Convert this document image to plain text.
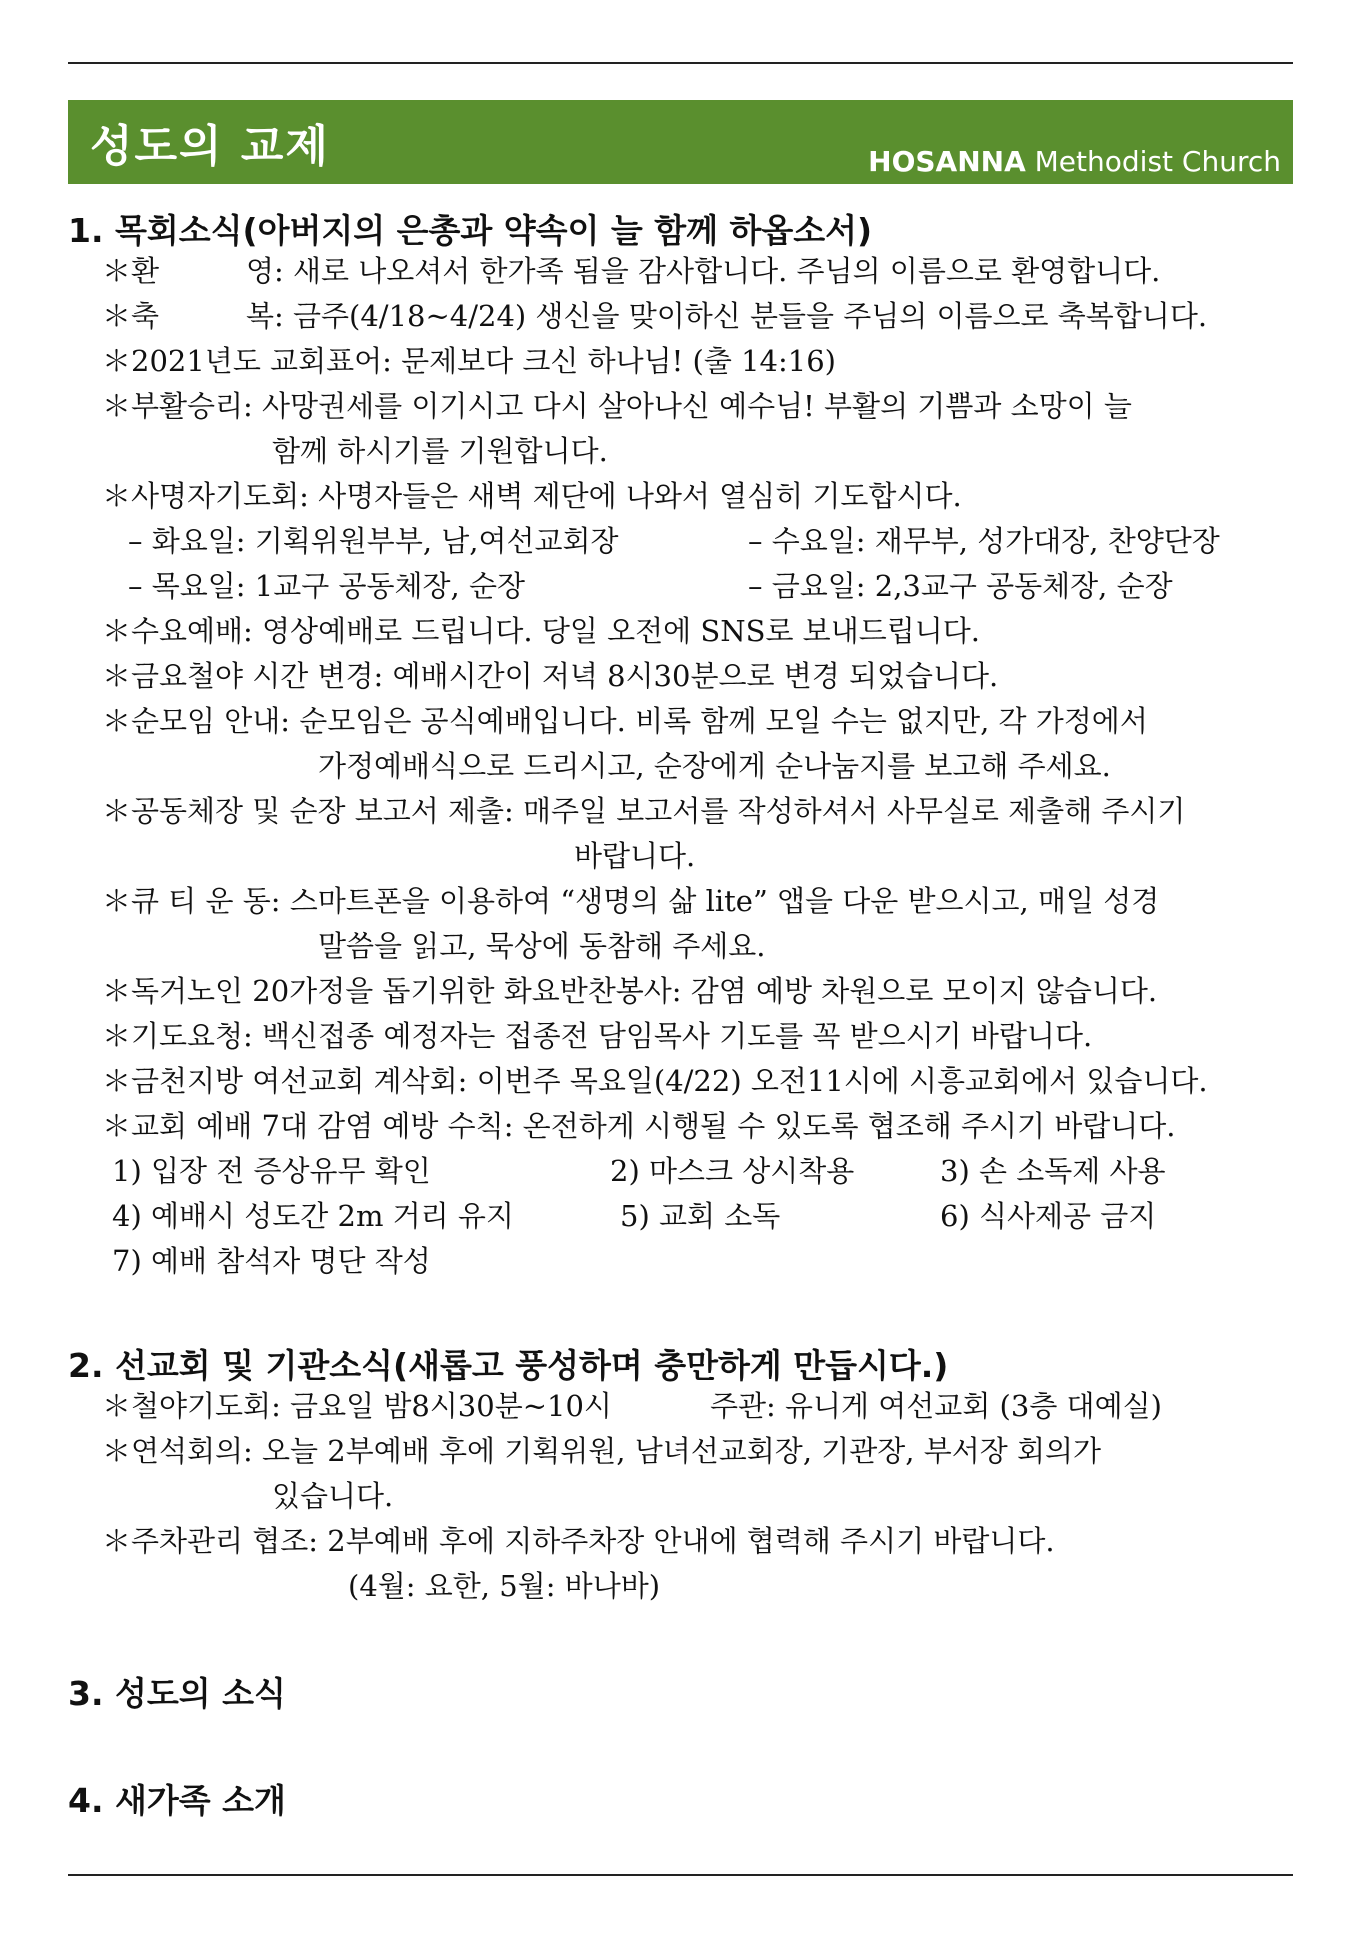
성도의 교제	HOSANNA Methodist Church
1. 목회소식(아버지의 은총과 약속이 늘 함께 하옵소서)
＊환　　　영: 새로 나오셔서 한가족 됨을 감사합니다. 주님의 이름으로 환영합니다.
＊축　　　복: 금주(4/18~4/24) 생신을 맞이하신 분들을 주님의 이름으로 축복합니다.
＊2021년도 교회표어: 문제보다 크신 하나님! (출 14:16)
＊부활승리: 사망권세를 이기시고 다시 살아나신 예수님! 부활의 기쁨과 소망이 늘
함께 하시기를 기원합니다.
＊사명자기도회: 사명자들은 새벽 제단에 나와서 열심히 기도합시다.
– 화요일: 기획위원부부, 남,여선교회장	– 수요일: 재무부, 성가대장, 찬양단장
– 목요일: 1교구 공동체장, 순장	– 금요일: 2,3교구 공동체장, 순장
＊수요예배: 영상예배로 드립니다. 당일 오전에 SNS로 보내드립니다.
＊금요철야 시간 변경: 예배시간이 저녁 8시30분으로 변경 되었습니다.
＊순모임 안내: 순모임은 공식예배입니다. 비록 함께 모일 수는 없지만, 각 가정에서
가정예배식으로 드리시고, 순장에게 순나눔지를 보고해 주세요.
＊공동체장 및 순장 보고서 제출: 매주일 보고서를 작성하셔서 사무실로 제출해 주시기
바랍니다.
＊큐 티 운 동: 스마트폰을 이용하여 “생명의 삶 lite” 앱을 다운 받으시고, 매일 성경
말씀을 읽고, 묵상에 동참해 주세요.
＊독거노인 20가정을 돕기위한 화요반찬봉사: 감염 예방 차원으로 모이지 않습니다.
＊기도요청: 백신접종 예정자는 접종전 담임목사 기도를 꼭 받으시기 바랍니다.
＊금천지방 여선교회 계삭회: 이번주 목요일(4/22) 오전11시에 시흥교회에서 있습니다.
＊교회 예배 7대 감염 예방 수칙: 온전하게 시행될 수 있도록 협조해 주시기 바랍니다.
1) 입장 전 증상유무 확인	2) 마스크 상시착용	3) 손 소독제 사용
4) 예배시 성도간 2m 거리 유지	5) 교회 소독	6) 식사제공 금지
7) 예배 참석자 명단 작성
2. 선교회 및 기관소식(새롭고 풍성하며 충만하게 만듭시다.)
＊철야기도회: 금요일 밤8시30분~10시	주관: 유니게 여선교회 (3층 대예실)
＊연석회의: 오늘 2부예배 후에 기획위원, 남녀선교회장, 기관장, 부서장 회의가
있습니다.
＊주차관리 협조: 2부예배 후에 지하주차장 안내에 협력해 주시기 바랍니다.
(4월: 요한, 5월: 바나바)
3. 성도의 소식
4. 새가족 소개
